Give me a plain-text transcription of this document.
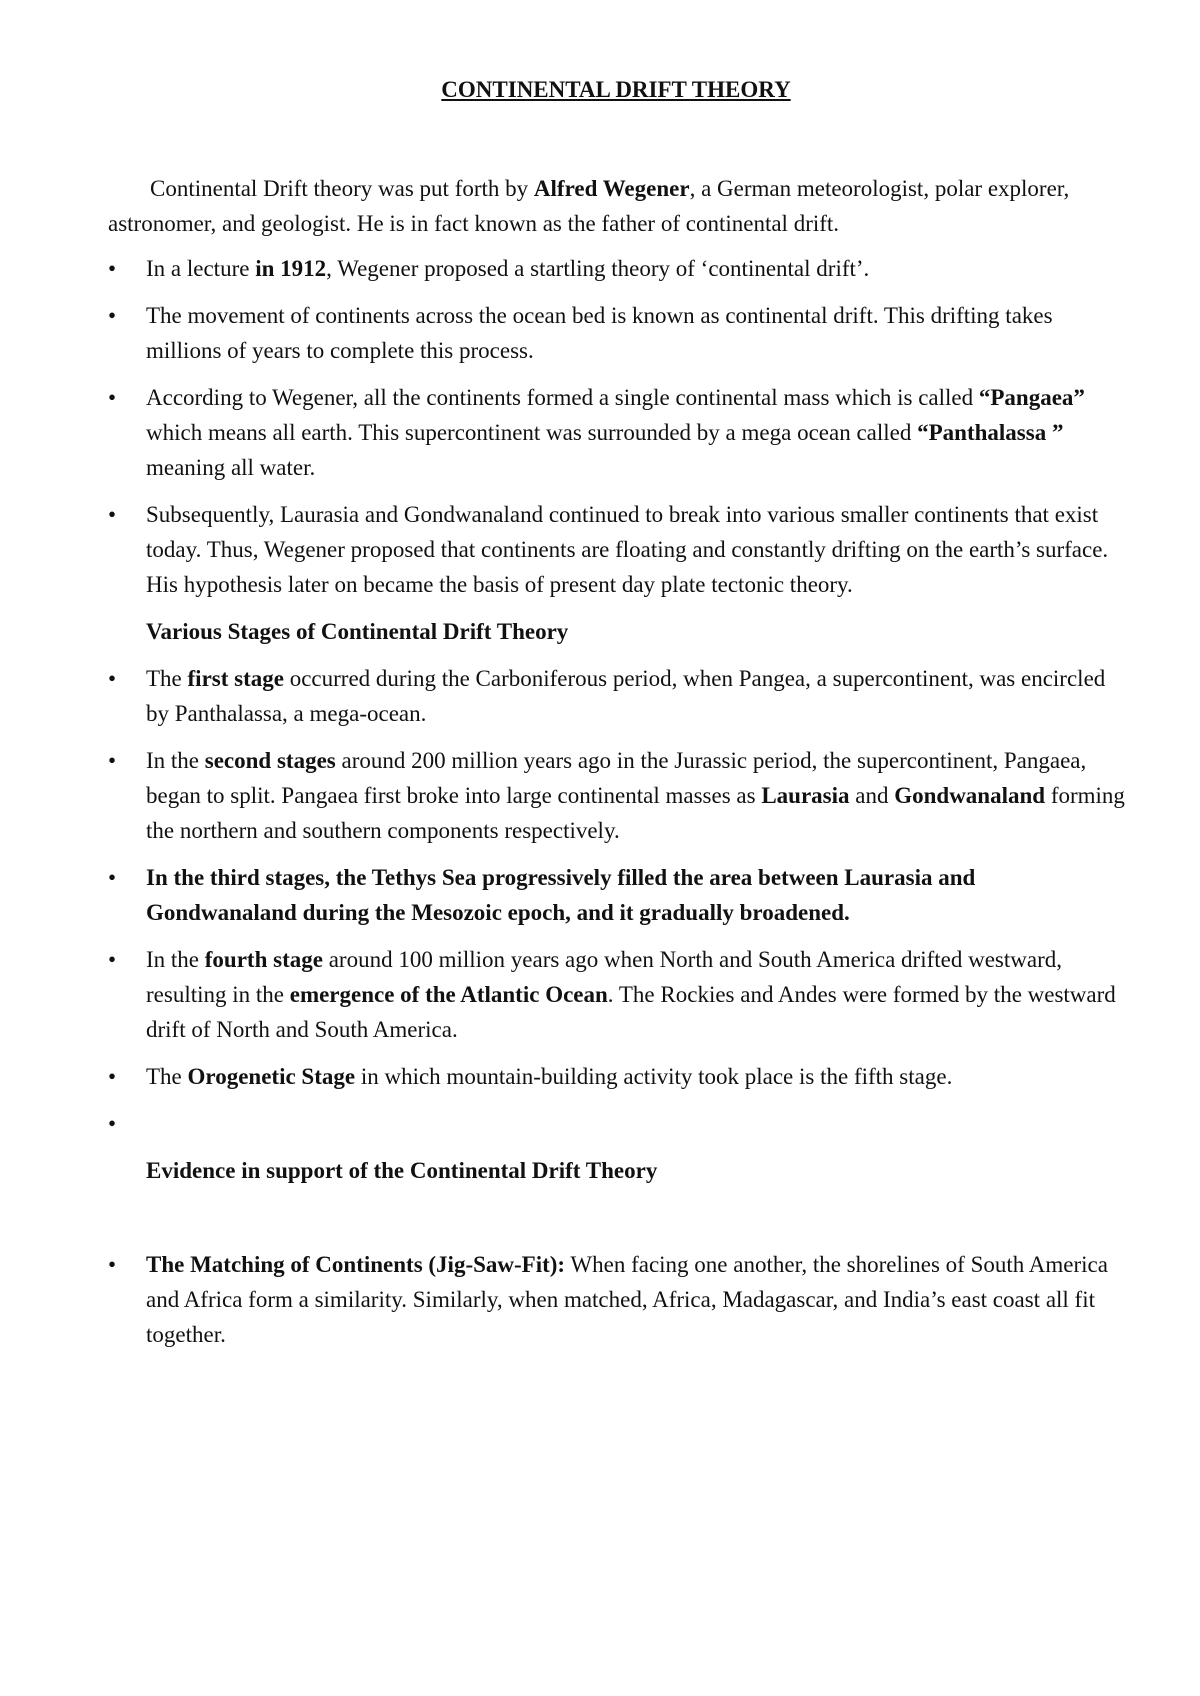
CONTINENTAL DRIFT THEORY

Continental Drift theory was put forth by Alfred Wegener, a German meteorologist, polar explorer, astronomer, and geologist. He is in fact known as the father of continental drift.

•	In a lecture in 1912, Wegener proposed a startling theory of ‘continental drift’.
•	The movement of continents across the ocean bed is known as continental drift. This drifting takes millions of years to complete this process.
•	According to Wegener, all the continents formed a single continental mass which is called “Pangaea” which means all earth. This supercontinent was surrounded by a mega ocean called “Panthalassa ” meaning all water.
•	Subsequently, Laurasia and Gondwanaland continued to break into various smaller continents that exist today. Thus, Wegener proposed that continents are floating and constantly drifting on the earth’s surface. His hypothesis later on became the basis of present day plate tectonic theory.
Various Stages of Continental Drift Theory
•	The first stage occurred during the Carboniferous period, when Pangea, a supercontinent, was encircled by Panthalassa, a mega-ocean.
•	In the second stages around 200 million years ago in the Jurassic period, the supercontinent, Pangaea, began to split. Pangaea first broke into large continental masses as Laurasia and Gondwanaland forming the northern and southern components respectively.
•	In the third stages, the Tethys Sea progressively filled the area between Laurasia and Gondwanaland during the Mesozoic epoch, and it gradually broadened.
•	In the fourth stage around 100 million years ago when North and South America drifted westward, resulting in the emergence of the Atlantic Ocean. The Rockies and Andes were formed by the westward drift of North and South America.
•	The Orogenetic Stage in which mountain-building activity took place is the fifth stage.
•
Evidence in support of the Continental Drift Theory
•	The Matching of Continents (Jig-Saw-Fit): When facing one another, the shorelines of South America and Africa form a similarity. Similarly, when matched, Africa, Madagascar, and India’s east coast all fit together.
